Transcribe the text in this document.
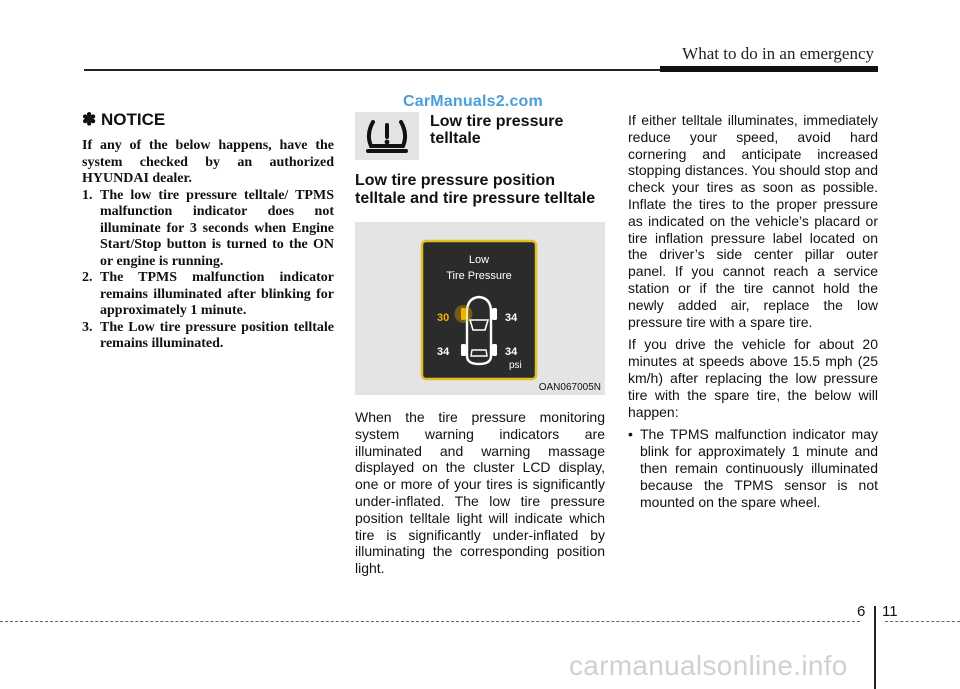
What to do in an emergency
CarManuals2.com
✽ NOTICE
If any of the below happens, have the system checked by an authorized HYUNDAI dealer.
1. The low tire pressure telltale/ TPMS malfunction indicator does not illuminate for 3 seconds when Engine Start/Stop button is turned to the ON or engine is running.
2. The TPMS malfunction indicator remains illuminated after blinking for approximately 1 minute.
3. The Low tire pressure position telltale remains illuminated.
Low tire pressure telltale
Low tire pressure position telltale and tire pressure telltale
Low
Tire Pressure
30	34
34	34
psi
OAN067005N
When the tire pressure monitoring system warning indicators are illuminated and warning massage displayed on the cluster LCD display, one or more of your tires is significantly under-inflated. The low tire pressure position telltale light will indicate which tire is significantly under-inflated by illuminating the corresponding position light.

If either telltale illuminates, immediately reduce your speed, avoid hard cornering and anticipate increased stopping distances. You should stop and check your tires as soon as possible. Inflate the tires to the proper pressure as indicated on the vehicle’s placard or tire inflation pressure label located on the driver’s side center pillar outer panel. If you cannot reach a service station or if the tire cannot hold the newly added air, replace the low pressure tire with a spare tire.

If you drive the vehicle for about 20 minutes at speeds above 15.5 mph (25 km/h) after replacing the low pressure tire with the spare tire, the below will happen:

• The TPMS malfunction indicator may blink for approximately 1 minute and then remain continuously illuminated because the TPMS sensor is not mounted on the spare wheel.
6 11
carmanualsonline.info
